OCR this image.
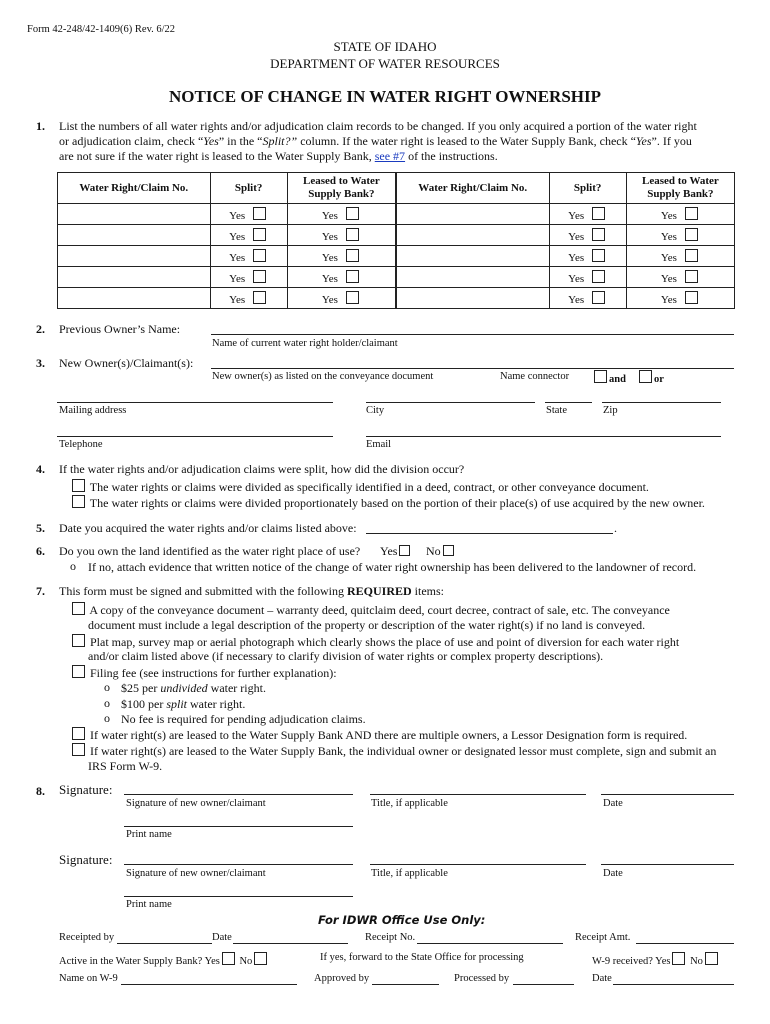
Form 42-248/42-1409(6) Rev. 6/22
STATE OF IDAHO
DEPARTMENT OF WATER RESOURCES
NOTICE OF CHANGE IN WATER RIGHT OWNERSHIP
1. List the numbers of all water rights and/or adjudication claim records to be changed. If you only acquired a portion of the water right
or adjudication claim, check “Yes” in the “Split?” column. If the water right is leased to the Water Supply Bank, check “Yes”. If you
are not sure if the water right is leased to the Water Supply Bank, see #7 of the instructions.
Water Right/Claim No.	Split?	Leased to Water
Supply Bank?	Water Right/Claim No.	Split?	Leased to Water
Supply Bank?
	Yes	Yes		Yes	Yes
	Yes	Yes		Yes	Yes
	Yes	Yes		Yes	Yes
	Yes	Yes		Yes	Yes
	Yes	Yes		Yes	Yes
2. Previous Owner’s Name:
Name of current water right holder/claimant
3. New Owner(s)/Claimant(s):
New owner(s) as listed on the conveyance document	Name connector	and	or
Mailing address	City	State	Zip
Telephone	Email
4. If the water rights and/or adjudication claims were split, how did the division occur?
The water rights or claims were divided as specifically identified in a deed, contract, or other conveyance document.
The water rights or claims were divided proportionately based on the portion of their place(s) of use acquired by the new owner.
5. Date you acquired the water rights and/or claims listed above:	.
6. Do you own the land identified as the water right place of use? Yes	No
o If no, attach evidence that written notice of the change of water right ownership has been delivered to the landowner of record.
7. This form must be signed and submitted with the following REQUIRED items:
A copy of the conveyance document – warranty deed, quitclaim deed, court decree, contract of sale, etc. The conveyance
document must include a legal description of the property or description of the water right(s) if no land is conveyed.
Plat map, survey map or aerial photograph which clearly shows the place of use and point of diversion for each water right
and/or claim listed above (if necessary to clarify division of water rights or complex property descriptions).
Filing fee (see instructions for further explanation):
o $25 per undivided water right.
o $100 per split water right.
o No fee is required for pending adjudication claims.
If water right(s) are leased to the Water Supply Bank AND there are multiple owners, a Lessor Designation form is required.
If water right(s) are leased to the Water Supply Bank, the individual owner or designated lessor must complete, sign and submit an
IRS Form W-9.
8. Signature:
Signature of new owner/claimant	Title, if applicable	Date
Print name
Signature:
Signature of new owner/claimant	Title, if applicable	Date
Print name
For IDWR Office Use Only:
Receipted by	Date	Receipt No.	Receipt Amt.
Active in the Water Supply Bank? Yes No	If yes, forward to the State Office for processing	W-9 received? Yes No
Name on W-9	Approved by	Processed by	Date
